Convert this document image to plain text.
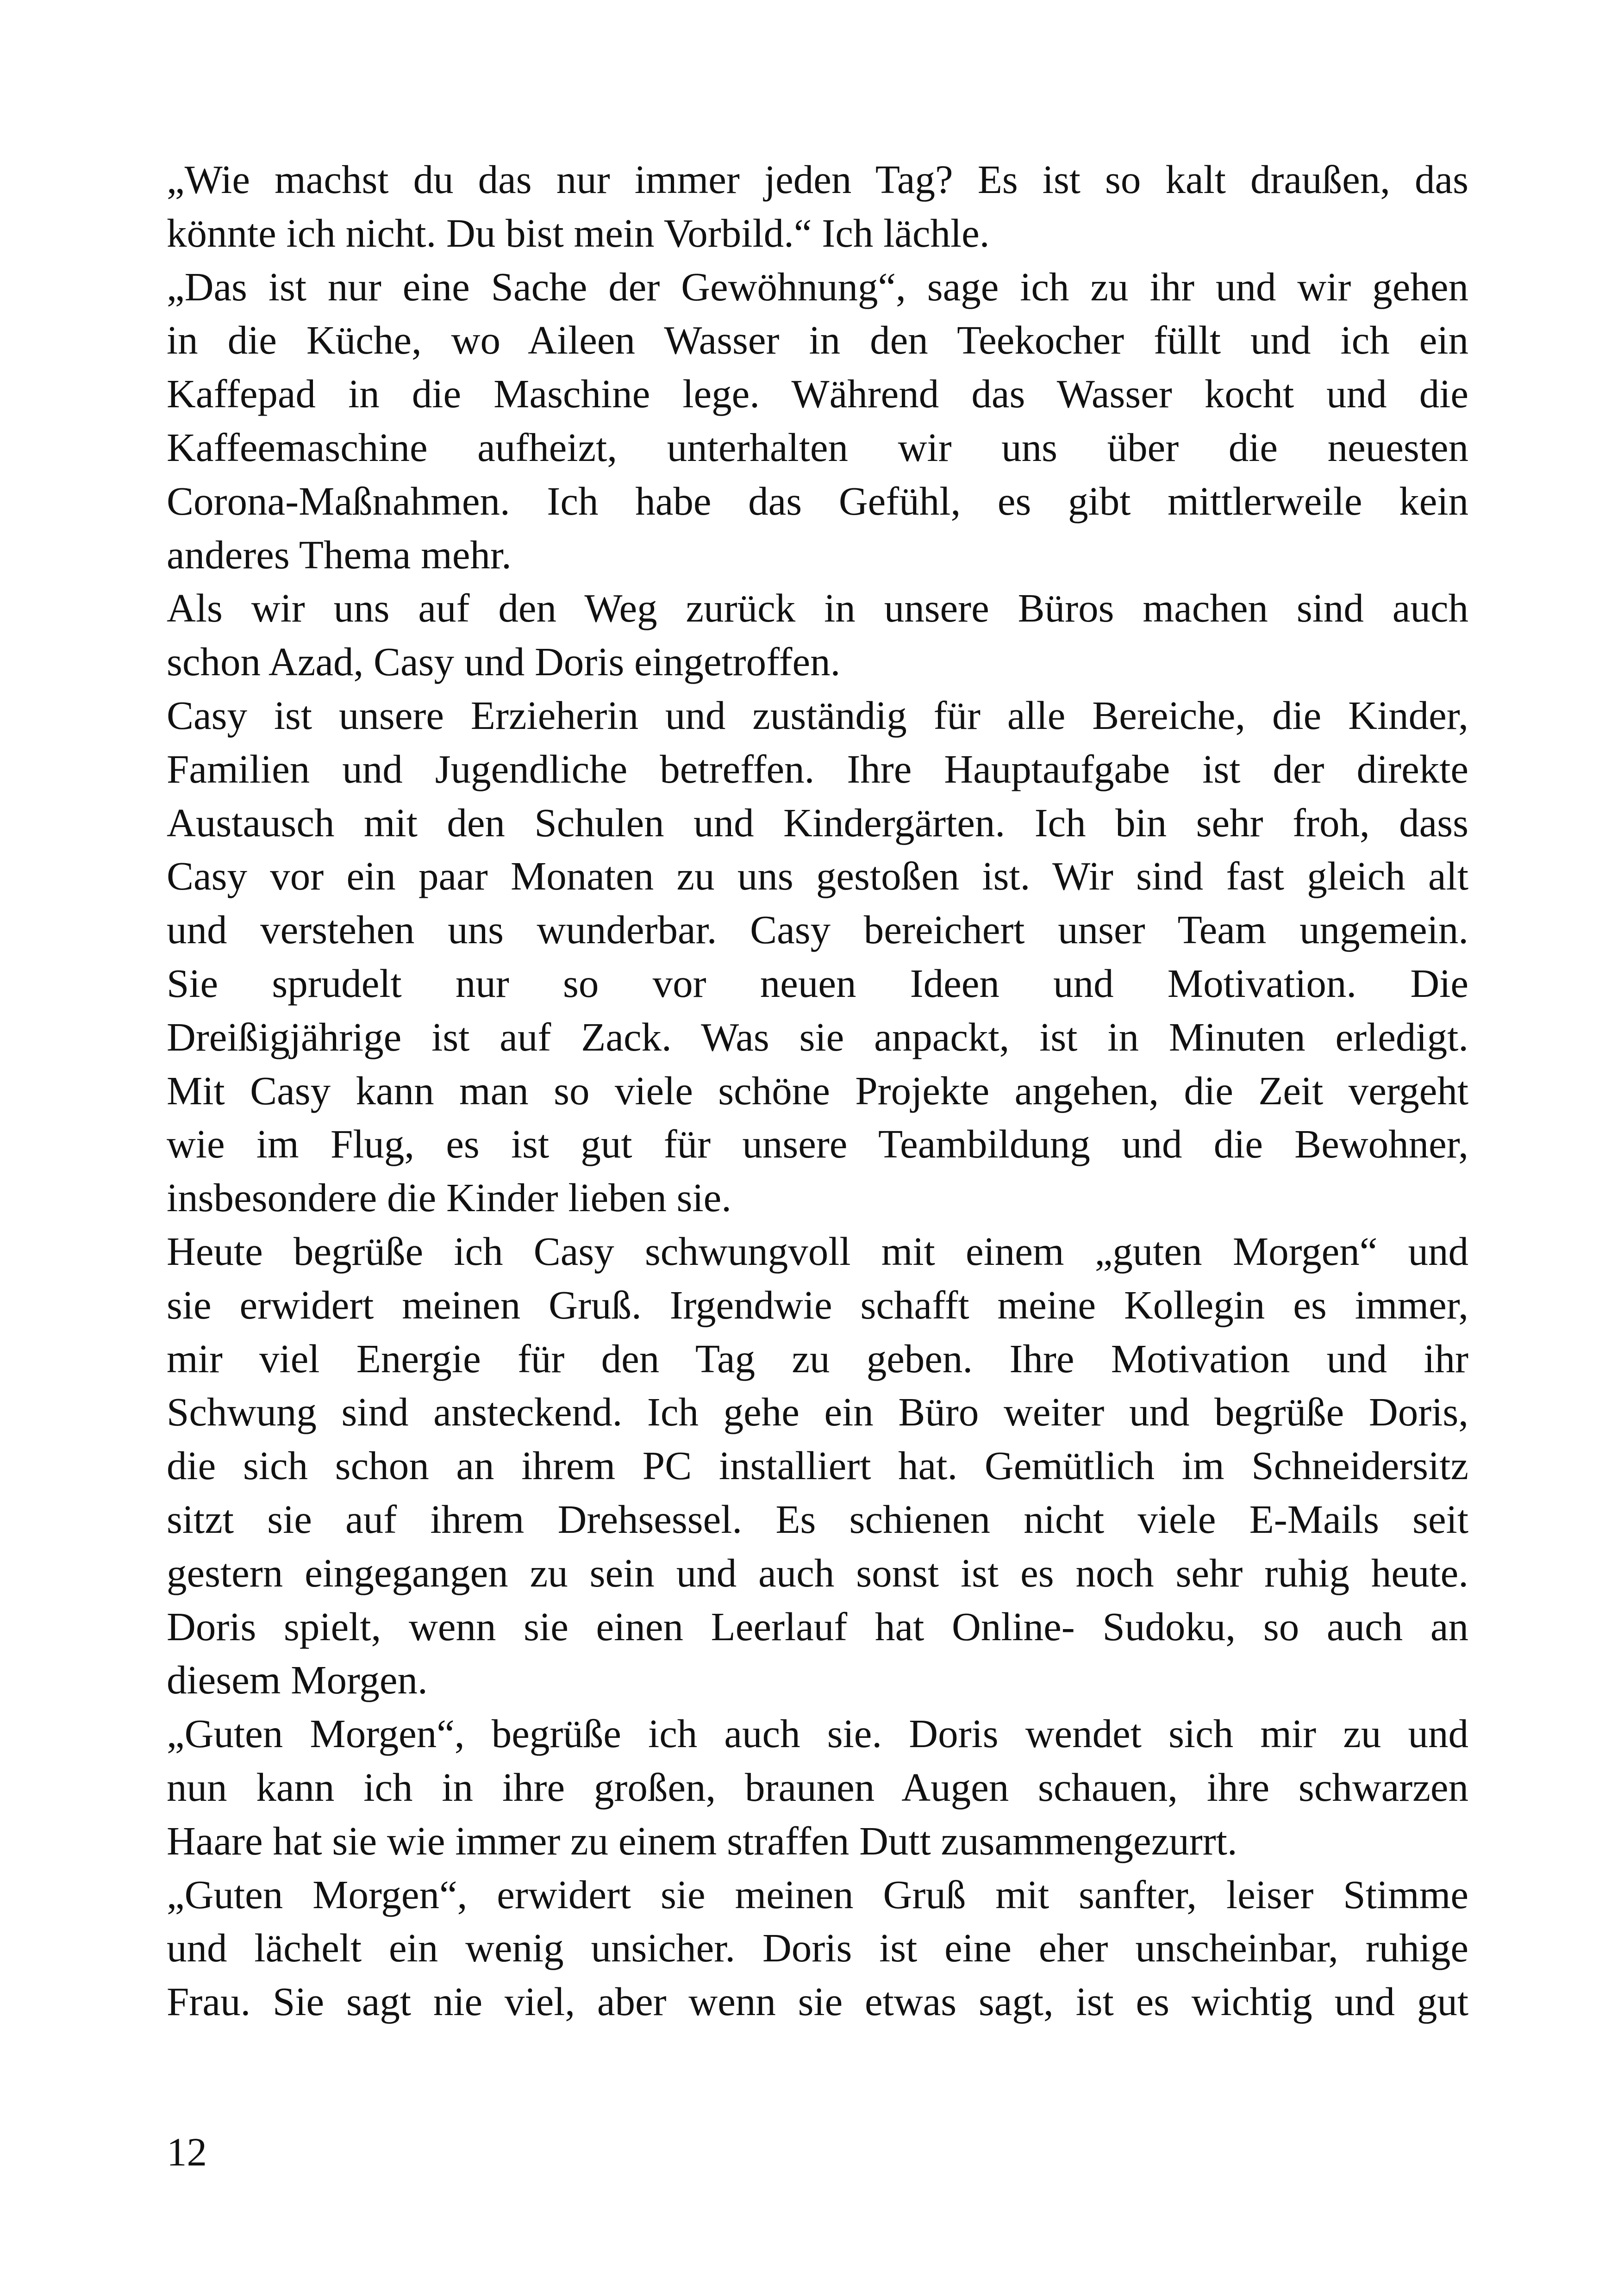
„Wie machst du das nur immer jeden Tag? Es ist so kalt draußen, das
könnte ich nicht. Du bist mein Vorbild.“ Ich lächle.
„Das ist nur eine Sache der Gewöhnung“, sage ich zu ihr und wir gehen
in die Küche, wo Aileen Wasser in den Teekocher füllt und ich ein
Kaffepad in die Maschine lege. Während das Wasser kocht und die
Kaffeemaschine aufheizt, unterhalten wir uns über die neuesten
Corona-Maßnahmen. Ich habe das Gefühl, es gibt mittlerweile kein
anderes Thema mehr.
Als wir uns auf den Weg zurück in unsere Büros machen sind auch
schon Azad, Casy und Doris eingetroffen.
Casy ist unsere Erzieherin und zuständig für alle Bereiche, die Kinder,
Familien und Jugendliche betreffen. Ihre Hauptaufgabe ist der direkte
Austausch mit den Schulen und Kindergärten. Ich bin sehr froh, dass
Casy vor ein paar Monaten zu uns gestoßen ist. Wir sind fast gleich alt
und verstehen uns wunderbar. Casy bereichert unser Team ungemein.
Sie sprudelt nur so vor neuen Ideen und Motivation. Die
Dreißigjährige ist auf Zack. Was sie anpackt, ist in Minuten erledigt.
Mit Casy kann man so viele schöne Projekte angehen, die Zeit vergeht
wie im Flug, es ist gut für unsere Teambildung und die Bewohner,
insbesondere die Kinder lieben sie.
Heute begrüße ich Casy schwungvoll mit einem „guten Morgen“ und
sie erwidert meinen Gruß. Irgendwie schafft meine Kollegin es immer,
mir viel Energie für den Tag zu geben. Ihre Motivation und ihr
Schwung sind ansteckend. Ich gehe ein Büro weiter und begrüße Doris,
die sich schon an ihrem PC installiert hat. Gemütlich im Schneidersitz
sitzt sie auf ihrem Drehsessel. Es schienen nicht viele E-Mails seit
gestern eingegangen zu sein und auch sonst ist es noch sehr ruhig heute.
Doris spielt, wenn sie einen Leerlauf hat Online- Sudoku, so auch an
diesem Morgen.
„Guten Morgen“, begrüße ich auch sie. Doris wendet sich mir zu und
nun kann ich in ihre großen, braunen Augen schauen, ihre schwarzen
Haare hat sie wie immer zu einem straffen Dutt zusammengezurrt.
„Guten Morgen“, erwidert sie meinen Gruß mit sanfter, leiser Stimme
und lächelt ein wenig unsicher. Doris ist eine eher unscheinbar, ruhige
Frau. Sie sagt nie viel, aber wenn sie etwas sagt, ist es wichtig und gut
12
